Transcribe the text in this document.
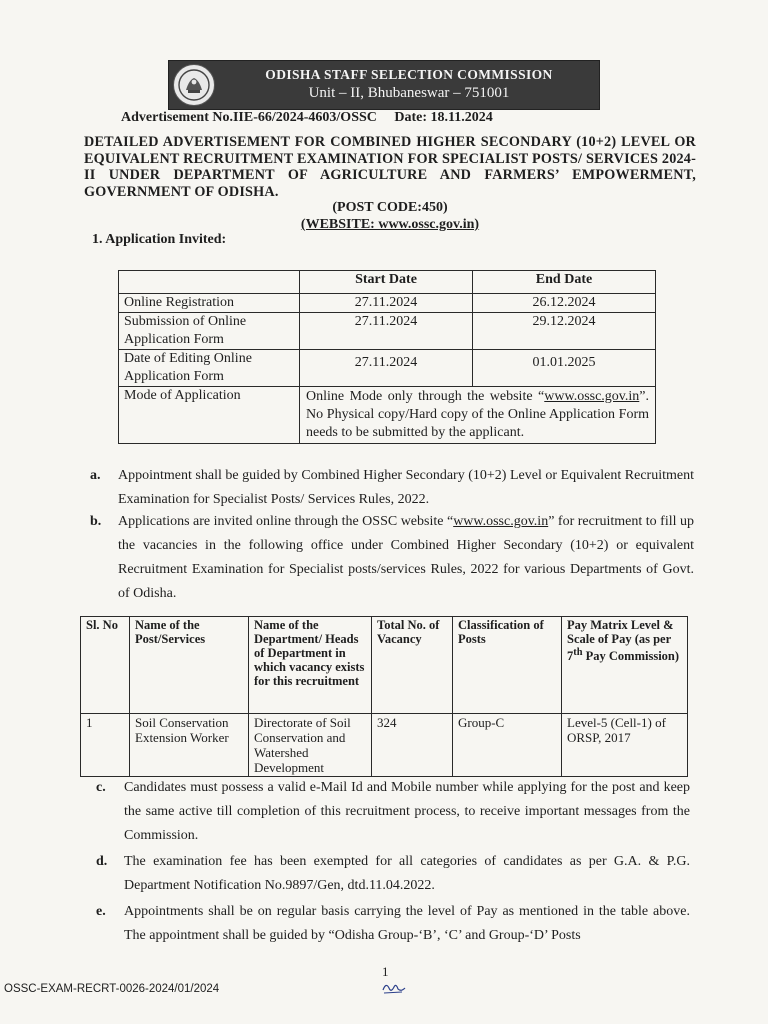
ODISHA STAFF SELECTION COMMISSION
Unit – II, Bhubaneswar – 751001
Advertisement No.IIE-66/2024-4603/OSSC Date: 18.11.2024
DETAILED ADVERTISEMENT FOR COMBINED HIGHER SECONDARY (10+2) LEVEL OR EQUIVALENT RECRUITMENT EXAMINATION FOR SPECIALIST POSTS/ SERVICES 2024-II UNDER DEPARTMENT OF AGRICULTURE AND FARMERS’ EMPOWERMENT, GOVERNMENT OF ODISHA.
(POST CODE:450)
(WEBSITE: www.ossc.gov.in)
1. Application Invited:
	Start Date	End Date
Online Registration	27.11.2024	26.12.2024
Submission of Online Application Form	27.11.2024	29.12.2024
Date of Editing Online Application Form	27.11.2024	01.01.2025
Mode of Application	Online Mode only through the website “www.ossc.gov.in”. No Physical copy/Hard copy of the Online Application Form needs to be submitted by the applicant.	
a.	Appointment shall be guided by Combined Higher Secondary (10+2) Level or Equivalent Recruitment Examination for Specialist Posts/ Services Rules, 2022.
b.	Applications are invited online through the OSSC website “www.ossc.gov.in” for recruitment to fill up the vacancies in the following office under Combined Higher Secondary (10+2) or equivalent Recruitment Examination for Specialist posts/services Rules, 2022 for various Departments of Govt. of Odisha.
Sl. No	Name of the Post/Services	Name of the Department/ Heads of Department in which vacancy exists for this recruitment	Total No. of Vacancy	Classification of Posts	Pay Matrix Level & Scale of Pay (as per 7th Pay Commission)
1	Soil Conservation Extension Worker	Directorate of Soil Conservation and Watershed Development	324	Group-C	Level-5 (Cell-1) of ORSP, 2017
c.	Candidates must possess a valid e-Mail Id and Mobile number while applying for the post and keep the same active till completion of this recruitment process, to receive important messages from the Commission.
d.	The examination fee has been exempted for all categories of candidates as per G.A. & P.G. Department Notification No.9897/Gen, dtd.11.04.2022.
e.	Appointments shall be on regular basis carrying the level of Pay as mentioned in the table above. The appointment shall be guided by “Odisha Group-‘B’, ‘C’ and Group-‘D’ Posts
1
OSSC-EXAM-RECRT-0026-2024/01/2024
